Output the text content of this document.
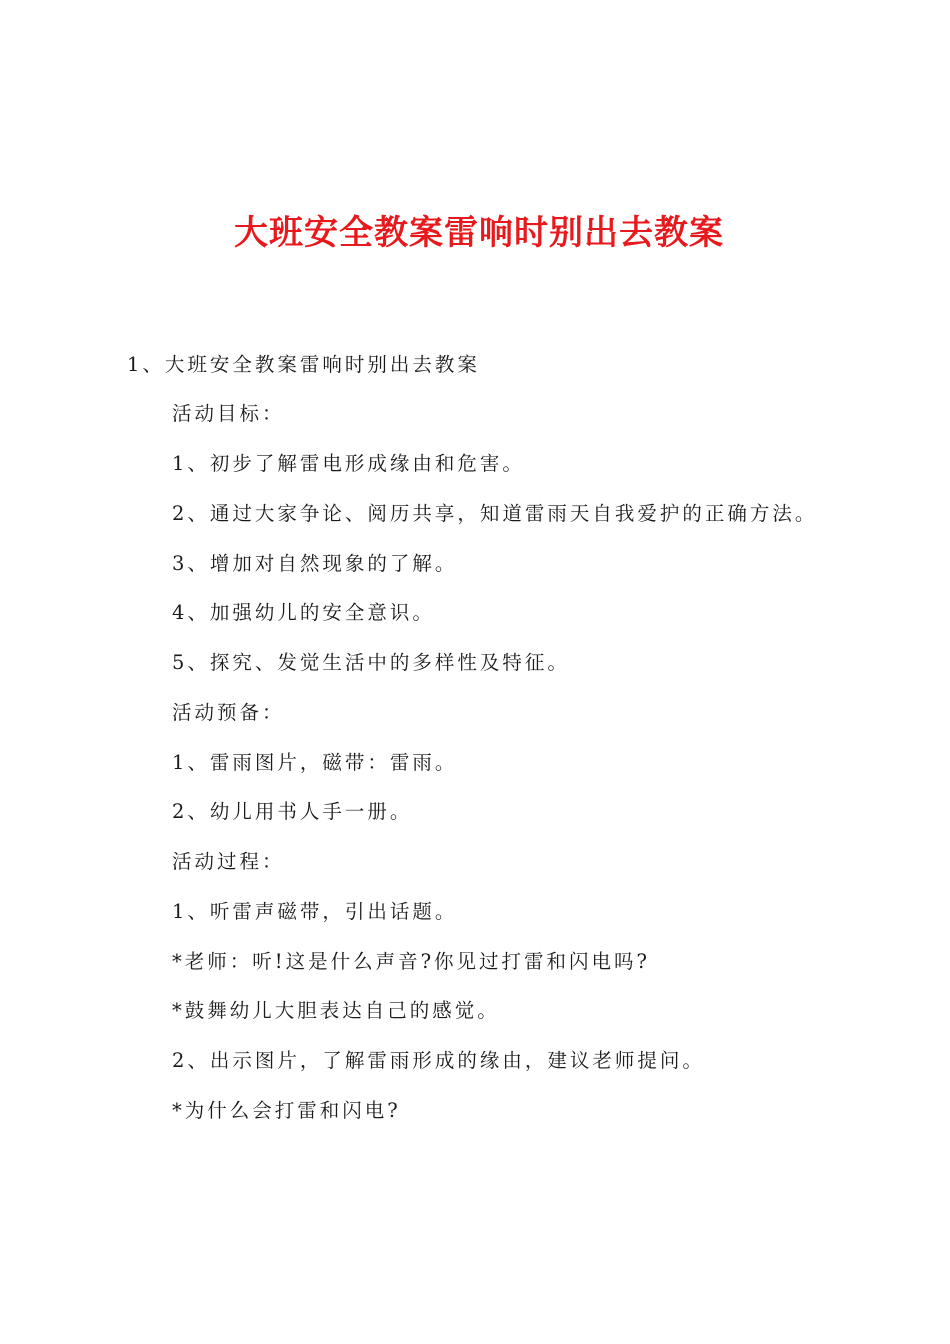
大班安全教案雷响时别出去教案

1、大班安全教案雷响时别出去教案

活动目标：

1、初步了解雷电形成缘由和危害。

2、通过大家争论、阅历共享，知道雷雨天自我爱护的正确方法。

3、增加对自然现象的了解。

4、加强幼儿的安全意识。

5、探究、发觉生活中的多样性及特征。

活动预备：

1、雷雨图片，磁带：雷雨。

2、幼儿用书人手一册。

活动过程：

1、听雷声磁带，引出话题。

*老师：听!这是什么声音?你见过打雷和闪电吗?

*鼓舞幼儿大胆表达自己的感觉。

2、出示图片，了解雷雨形成的缘由，建议老师提问。

*为什么会打雷和闪电?
